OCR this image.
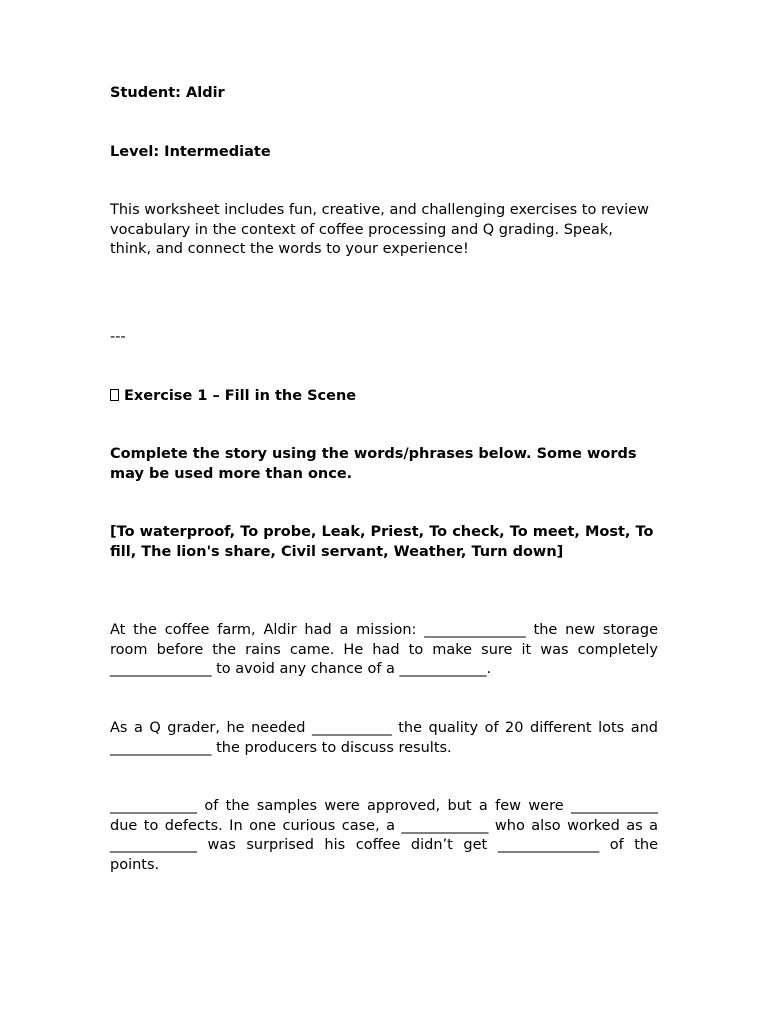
Student: Aldir

Level: Intermediate

This worksheet includes fun, creative, and challenging exercises to review vocabulary in the context of coffee processing and Q grading. Speak, think, and connect the words to your experience!

---

Exercise 1 – Fill in the Scene

Complete the story using the words/phrases below. Some words may be used more than once.

[To waterproof, To probe, Leak, Priest, To check, To meet, Most, To fill, The lion's share, Civil servant, Weather, Turn down]

At the coffee farm, Aldir had a mission: ______________ the new storage room before the rains came. He had to make sure it was completely ______________ to avoid any chance of a ____________.

As a Q grader, he needed ___________ the quality of 20 different lots and ______________ the producers to discuss results.

____________ of the samples were approved, but a few were ____________ due to defects. In one curious case, a ____________ who also worked as a ____________ was surprised his coffee didn’t get ______________ of the points.
